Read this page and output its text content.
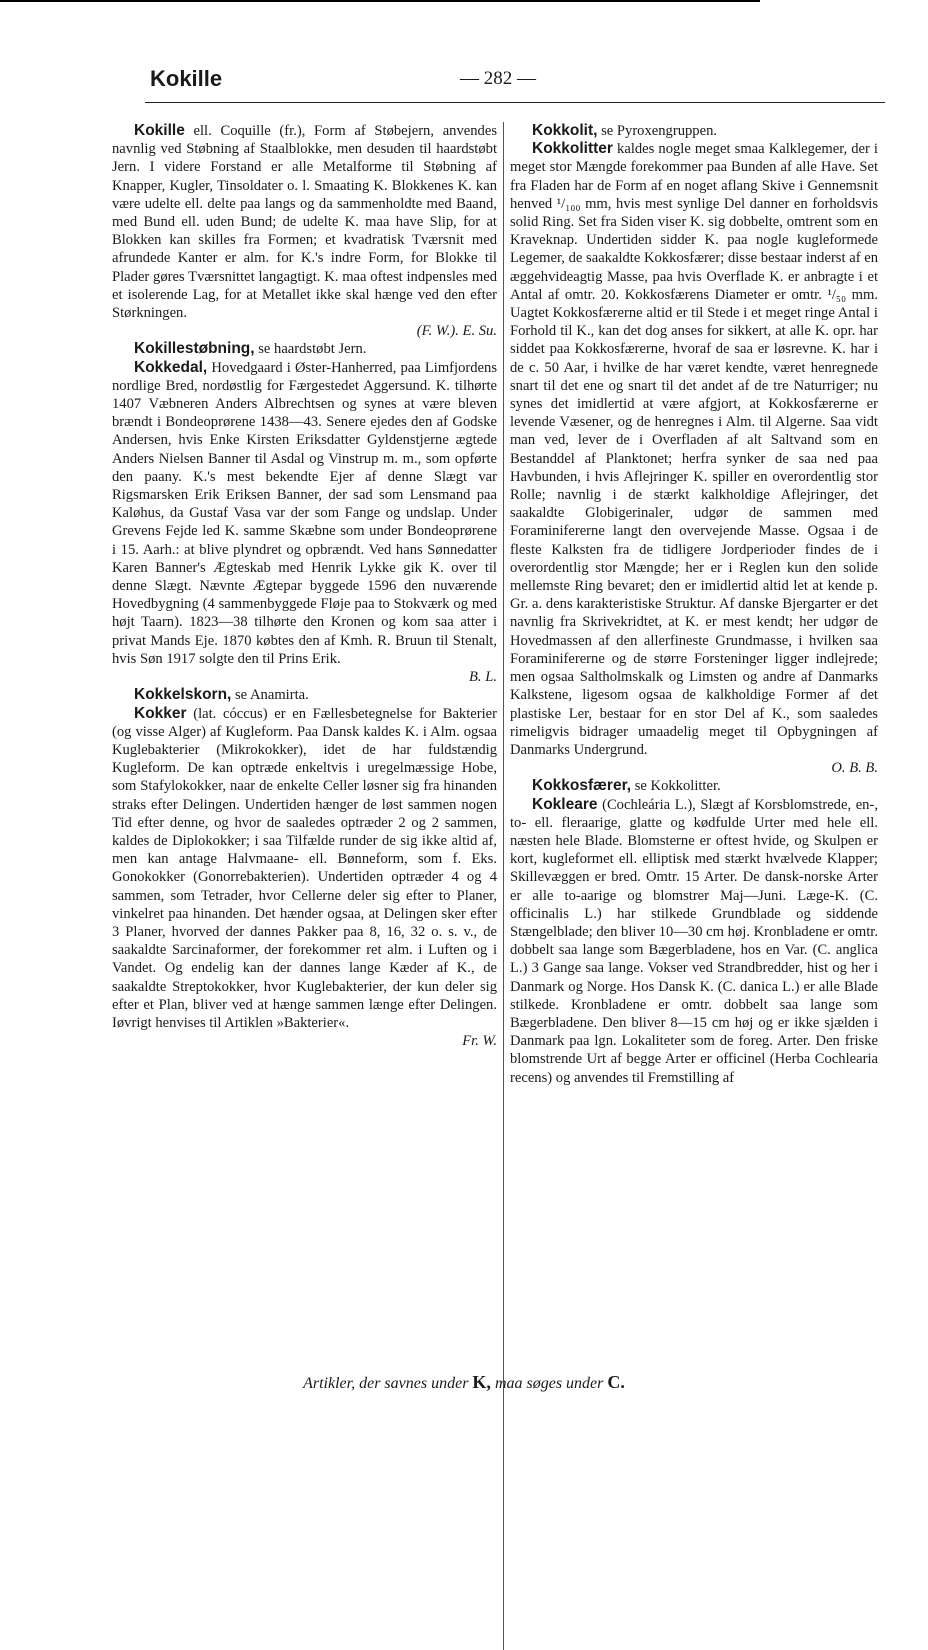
Kokille	— 282 —

Kokille ell. Coquille (fr.), Form af Støbejern, anvendes navnlig ved Støbning af Staalblokke, men desuden til haardstøbt Jern. I videre Forstand er alle Metalforme til Støbning af Knapper, Kugler, Tinsoldater o. l. Smaating K. Blokkenes K. kan være udelte ell. delte paa langs og da sammenholdte med Baand, med Bund ell. uden Bund; de udelte K. maa have Slip, for at Blokken kan skilles fra Formen; et kvadratisk Tværsnit med afrundede Kanter er alm. for K.'s indre Form, for Blokke til Plader gøres Tværsnittet langagtigt. K. maa oftest indpensles med et isolerende Lag, for at Metallet ikke skal hænge ved den efter Størkningen.

(F. W.). E. Su.

Kokillestøbning, se haardstøbt Jern.

Kokkedal, Hovedgaard i Øster-Hanherred, paa Limfjordens nordlige Bred, nordøstlig for Færgestedet Aggersund. K. tilhørte 1407 Væbneren Anders Albrechtsen og synes at være bleven brændt i Bondeoprørene 1438—43. Senere ejedes den af Godske Andersen, hvis Enke Kirsten Eriksdatter Gyldenstjerne ægtede Anders Nielsen Banner til Asdal og Vinstrup m. m., som opførte den paany. K.'s mest bekendte Ejer af denne Slægt var Rigsmarsken Erik Eriksen Banner, der sad som Lensmand paa Kaløhus, da Gustaf Vasa var der som Fange og undslap. Under Grevens Fejde led K. samme Skæbne som under Bondeoprørene i 15. Aarh.: at blive plyndret og opbrændt. Ved hans Sønnedatter Karen Banner's Ægteskab med Henrik Lykke gik K. over til denne Slægt. Nævnte Ægtepar byggede 1596 den nuværende Hovedbygning (4 sammenbyggede Fløje paa to Stokværk og med højt Taarn). 1823—38 tilhørte den Kronen og kom saa atter i privat Mands Eje. 1870 købtes den af Kmh. R. Bruun til Stenalt, hvis Søn 1917 solgte den til Prins Erik.

B. L.

Kokkelskorn, se Anamirta.

Kokker (lat. cóccus) er en Fællesbetegnelse for Bakterier (og visse Alger) af Kugleform. Paa Dansk kaldes K. i Alm. ogsaa Kuglebakterier (Mikrokokker), idet de har fuldstændig Kugleform. De kan optræde enkeltvis i uregelmæssige Hobe, som Stafylokokker, naar de enkelte Celler løsner sig fra hinanden straks efter Delingen. Undertiden hænger de løst sammen nogen Tid efter denne, og hvor de saaledes optræder 2 og 2 sammen, kaldes de Diplokokker; i saa Tilfælde runder de sig ikke altid af, men kan antage Halvmaane- ell. Bønneform, som f. Eks. Gonokokker (Gonorrebakterien). Undertiden optræder 4 og 4 sammen, som Tetrader, hvor Cellerne deler sig efter to Planer, vinkelret paa hinanden. Det hænder ogsaa, at Delingen sker efter 3 Planer, hvorved der dannes Pakker paa 8, 16, 32 o. s. v., de saakaldte Sarcinaformer, der forekommer ret alm. i Luften og i Vandet. Og endelig kan der dannes lange Kæder af K., de saakaldte Streptokokker, hvor Kuglebakterier, der kun deler sig efter et Plan, bliver ved at hænge sammen længe efter Delingen. Iøvrigt henvises til Artiklen »Bakterier«.

Fr. W.

Kokkolit, se Pyroxengruppen.

Kokkolitter kaldes nogle meget smaa Kalklegemer, der i meget stor Mængde forekommer paa Bunden af alle Have. Set fra Fladen har de Form af en noget aflang Skive i Gennemsnit henved ¹/₁₀₀ mm, hvis mest synlige Del danner en forholdsvis solid Ring. Set fra Siden viser K. sig dobbelte, omtrent som en Kraveknap. Undertiden sidder K. paa nogle kugleformede Legemer, de saakaldte Kokkosfærer; disse bestaar inderst af en æggehvideagtig Masse, paa hvis Overflade K. er anbragte i et Antal af omtr. 20. Kokkosfærens Diameter er omtr. ¹/₅₀ mm. Uagtet Kokkosfærerne altid er til Stede i et meget ringe Antal i Forhold til K., kan det dog anses for sikkert, at alle K. opr. har siddet paa Kokkosfærerne, hvoraf de saa er løsrevne. K. har i de c. 50 Aar, i hvilke de har været kendte, været henregnede snart til det ene og snart til det andet af de tre Naturriger; nu synes det imidlertid at være afgjort, at Kokkosfærerne er levende Væsener, og de henregnes i Alm. til Algerne. Saa vidt man ved, lever de i Overfladen af alt Saltvand som en Bestanddel af Planktonet; herfra synker de saa ned paa Havbunden, i hvis Aflejringer K. spiller en overordentlig stor Rolle; navnlig i de stærkt kalkholdige Aflejringer, det saakaldte Globigerinaler, udgør de sammen med Foraminifererne langt den overvejende Masse. Ogsaa i de fleste Kalksten fra de tidligere Jordperioder findes de i overordentlig stor Mængde; her er i Reglen kun den solide mellemste Ring bevaret; den er imidlertid altid let at kende p. Gr. a. dens karakteristiske Struktur. Af danske Bjergarter er det navnlig fra Skrivekridtet, at K. er mest kendt; her udgør de Hovedmassen af den allerfineste Grundmasse, i hvilken saa Foraminifererne og de større Forsteninger ligger indlejrede; men ogsaa Saltholmskalk og Limsten og andre af Danmarks Kalkstene, ligesom ogsaa de kalkholdige Former af det plastiske Ler, bestaar for en stor Del af K., som saaledes rimeligvis bidrager umaadelig meget til Opbygningen af Danmarks Undergrund.

O. B. B.

Kokkosfærer, se Kokkolitter.

Kokleare (Cochleária L.), Slægt af Korsblomstrede, en-, to- ell. fleraarige, glatte og kødfulde Urter med hele ell. næsten hele Blade. Blomsterne er oftest hvide, og Skulpen er kort, kugleformet ell. elliptisk med stærkt hvælvede Klapper; Skillevæggen er bred. Omtr. 15 Arter. De dansk-norske Arter er alle to-aarige og blomstrer Maj—Juni. Læge-K. (C. officinalis L.) har stilkede Grundblade og siddende Stængelblade; den bliver 10—30 cm høj. Kronbladene er omtr. dobbelt saa lange som Bægerbladene, hos en Var. (C. anglica L.) 3 Gange saa lange. Vokser ved Strandbredder, hist og her i Danmark og Norge. Hos Dansk K. (C. danica L.) er alle Blade stilkede. Kronbladene er omtr. dobbelt saa lange som Bægerbladene. Den bliver 8—15 cm høj og er ikke sjælden i Danmark paa lgn. Lokaliteter som de foreg. Arter. Den friske blomstrende Urt af begge Arter er officinel (Herba Cochlearia recens) og anvendes til Fremstilling af

Artikler, der savnes under K, maa søges under C.
